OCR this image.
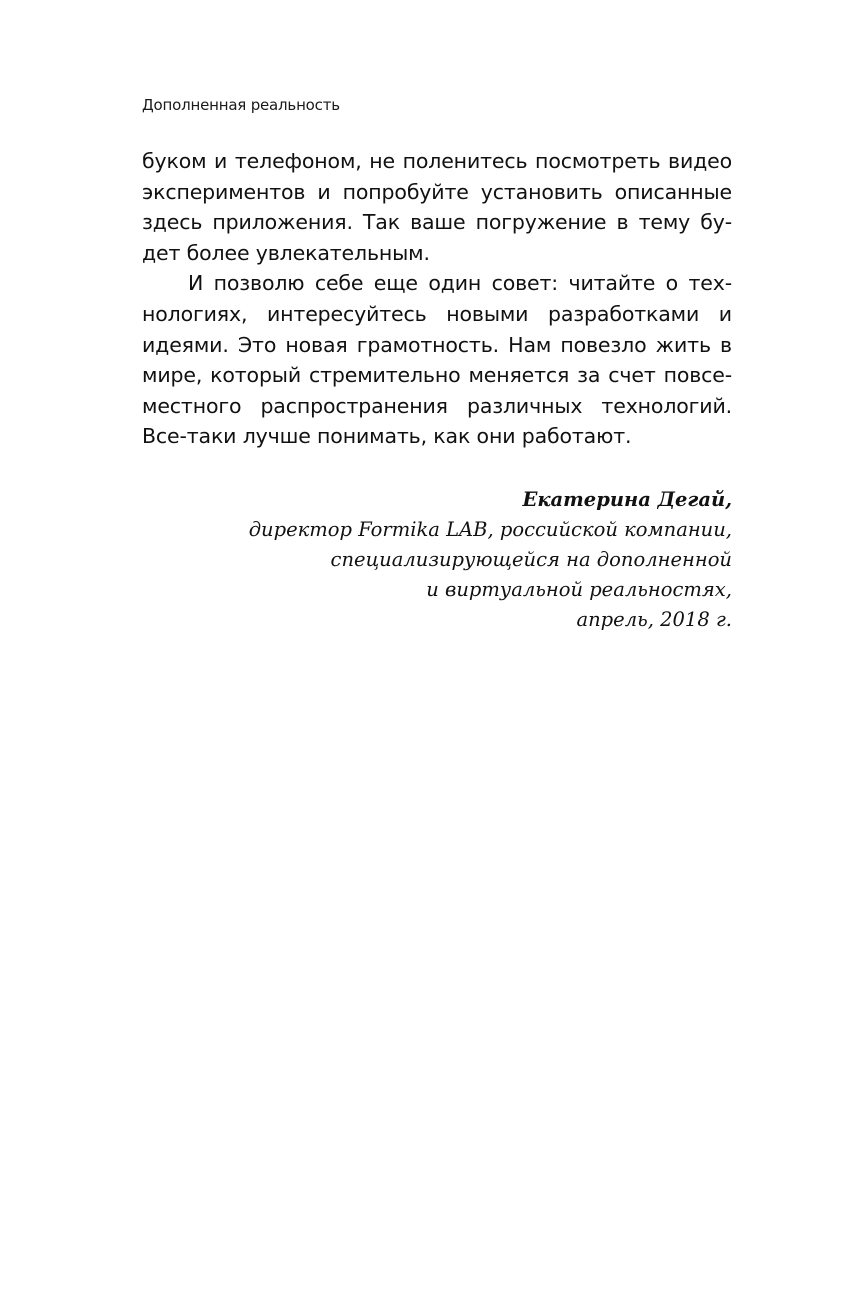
Дополненная реальность
буком и телефоном, не поленитесь посмотреть видео
экспериментов и попробуйте установить описанные
здесь приложения. Так ваше погружение в тему бу-
дет более увлекательным.
И позволю себе еще один совет: читайте о тех-
нологиях, интересуйтесь новыми разработками и
идеями. Это новая грамотность. Нам повезло жить в
мире, который стремительно меняется за счет повсе-
местного распространения различных технологий.
Все-таки лучше понимать, как они работают.
Екатерина Дегай,
директор Formika LAB, российской компании,
специализирующейся на дополненной
и виртуальной реальностях,
апрель, 2018 г.
